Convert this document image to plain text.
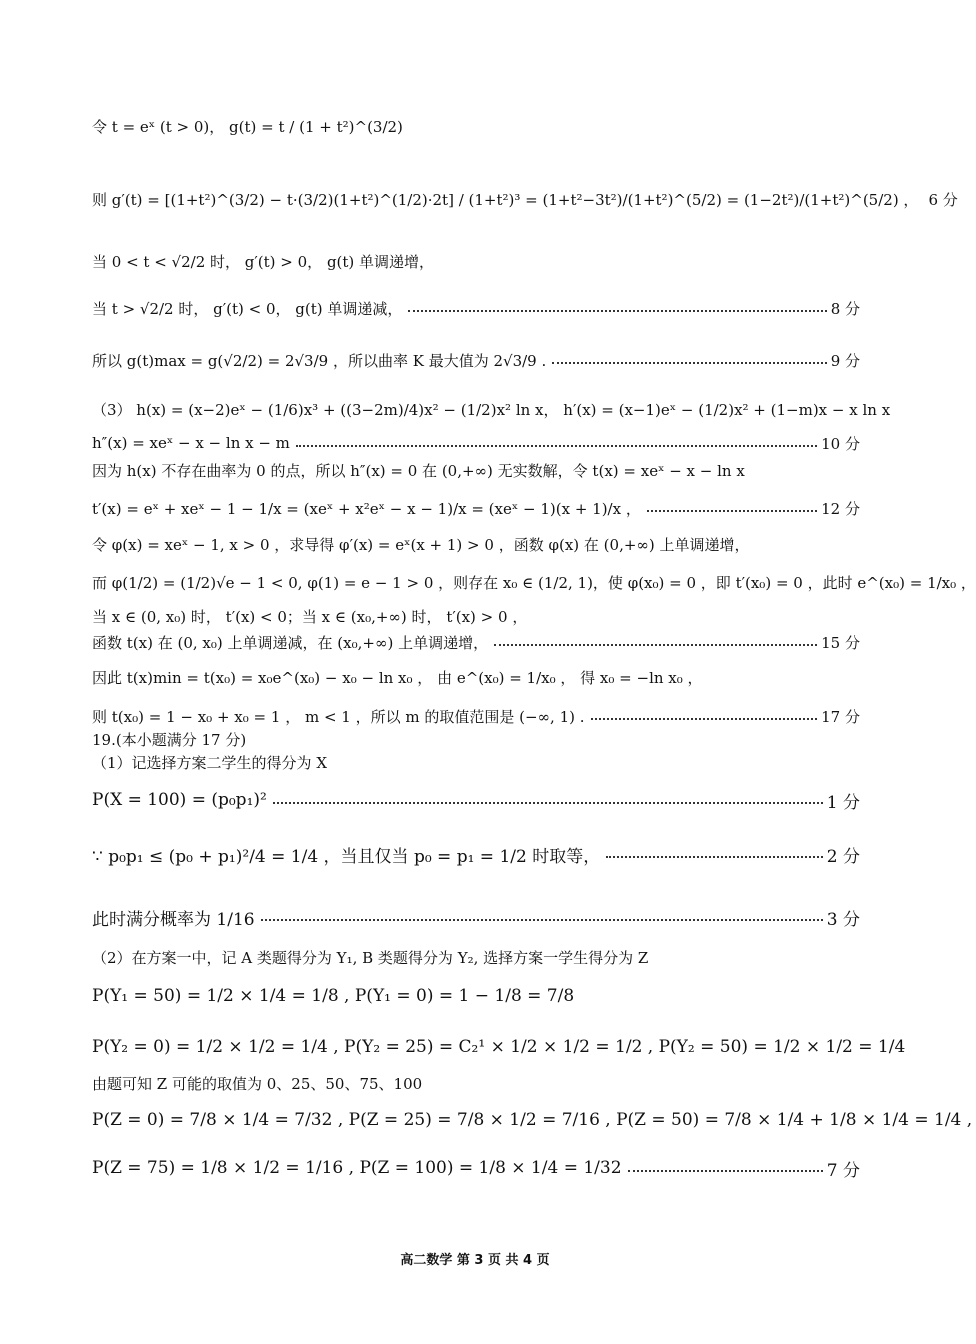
令 t = eˣ (t > 0)， g(t) = t / (1 + t²)^(3/2)
则 g′(t) = [(1+t²)^(3/2) − t·(3/2)(1+t²)^(1/2)·2t] / (1+t²)³ = (1+t²−3t²)/(1+t²)^(5/2) = (1−2t²)/(1+t²)^(5/2) ， 6 分
当 0 < t < √2/2 时， g′(t) > 0， g(t) 单调递增，
当 t > √2/2 时， g′(t) < 0， g(t) 单调递减，	8 分
所以 g(t)max = g(√2/2) = 2√3/9 ，所以曲率 K 最大值为 2√3/9 .	9 分
（3） h(x) = (x−2)eˣ − (1/6)x³ + ((3−2m)/4)x² − (1/2)x² ln x， h′(x) = (x−1)eˣ − (1/2)x² + (1−m)x − x ln x
h″(x) = xeˣ − x − ln x − m	10 分
因为 h(x) 不存在曲率为 0 的点，所以 h″(x) = 0 在 (0,+∞) 无实数解，令 t(x) = xeˣ − x − ln x
t′(x) = eˣ + xeˣ − 1 − 1/x = (xeˣ + x²eˣ − x − 1)/x = (xeˣ − 1)(x + 1)/x ，	12 分
令 φ(x) = xeˣ − 1, x > 0 ，求导得 φ′(x) = eˣ(x + 1) > 0 ，函数 φ(x) 在 (0,+∞) 上单调递增，
而 φ(1/2) = (1/2)√e − 1 < 0, φ(1) = e − 1 > 0 ，则存在 x₀ ∈ (1/2, 1)，使 φ(x₀) = 0 ，即 t′(x₀) = 0 ，此时 e^(x₀) = 1/x₀ ，
当 x ∈ (0, x₀) 时， t′(x) < 0；当 x ∈ (x₀,+∞) 时， t′(x) > 0 ，
函数 t(x) 在 (0, x₀) 上单调递减，在 (x₀,+∞) 上单调递增，	15 分
因此 t(x)min = t(x₀) = x₀e^(x₀) − x₀ − ln x₀ ， 由 e^(x₀) = 1/x₀ ， 得 x₀ = −ln x₀ ，
则 t(x₀) = 1 − x₀ + x₀ = 1 ， m < 1 ，所以 m 的取值范围是 (−∞, 1) .	17 分
19.(本小题满分 17 分)
（1）记选择方案二学生的得分为 X
P(X = 100) = (p₀p₁)²	1 分
∵ p₀p₁ ≤ (p₀ + p₁)²/4 = 1/4 ，当且仅当 p₀ = p₁ = 1/2 时取等，	2 分
此时满分概率为 1/16	3 分
（2）在方案一中，记 A 类题得分为 Y₁, B 类题得分为 Y₂, 选择方案一学生得分为 Z
P(Y₁ = 50) = 1/2 × 1/4 = 1/8 , P(Y₁ = 0) = 1 − 1/8 = 7/8
P(Y₂ = 0) = 1/2 × 1/2 = 1/4 , P(Y₂ = 25) = C₂¹ × 1/2 × 1/2 = 1/2 , P(Y₂ = 50) = 1/2 × 1/2 = 1/4
由题可知 Z 可能的取值为 0、25、50、75、100
P(Z = 0) = 7/8 × 1/4 = 7/32 , P(Z = 25) = 7/8 × 1/2 = 7/16 , P(Z = 50) = 7/8 × 1/4 + 1/8 × 1/4 = 1/4 ,
P(Z = 75) = 1/8 × 1/2 = 1/16 , P(Z = 100) = 1/8 × 1/4 = 1/32	7 分
高二数学 第 3 页 共 4 页
